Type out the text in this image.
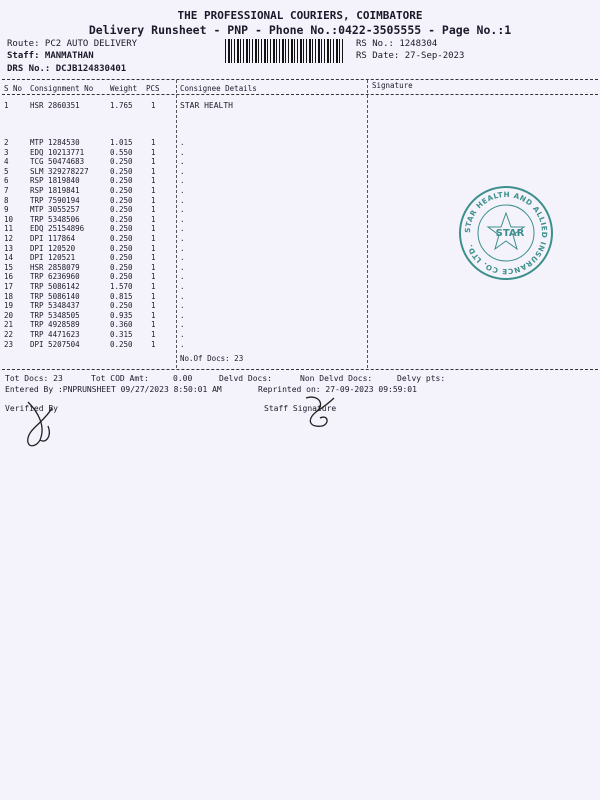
THE PROFESSIONAL COURIERS, COIMBATORE
Delivery Runsheet - PNP - Phone No.:0422-3505555 - Page No.:1
Route: PC2 AUTO DELIVERY
Staff: MANMATHAN
DRS No.: DCJB124830401
RS No.: 1248304
RS Date: 27-Sep-2023
S No Consignment No Weight PCS	Consignee Details	Signature
1	HSR 2860351	1.765 1	STAR HEALTH
2	MTP 1284530	1.015 1	.
3	EDQ 10213771	0.550 1	.
4	TCG 50474683	0.250 1	.
5	SLM 329278227	0.250 1	.
6	RSP 1819840	0.250 1	.
7	RSP 1819841	0.250 1	.
8	TRP 7590194	0.250 1	.
9	MTP 3055257	0.250 1	.
10 TRP 5348506	0.250 1	.
11 EDQ 25154896	0.250 1	.
12 DPI 117864	0.250 1	.
13 DPI 120520	0.250 1	.
14 DPI 120521	0.250 1	.
15 HSR 2858079	0.250 1	.
16 TRP 6236960	0.250 1	.
17 TRP 5086142	1.570 1	.
18 TRP 5086140	0.815 1	.
19 TRP 5348437	0.250 1	.
20 TRP 5348505	0.935 1	.
21 TRP 4928589	0.360 1	.
22 TRP 4471623	0.315 1	.
23 DPI 5207504	0.250 1	.
No.Of Docs: 23
Tot Docs: 23	Tot COD Amt:	0.00	Delvd Docs:	Non Delvd Docs:	Delvy pts:
Entered By :PNPRUNSHEET 09/27/2023 8:50:01 AM	Reprinted on: 27-09-2023 09:59:01
Verified By	Staff Signature
STAR HEALTH AND ALLIED INSURANCE CO. LTD.
STAR
